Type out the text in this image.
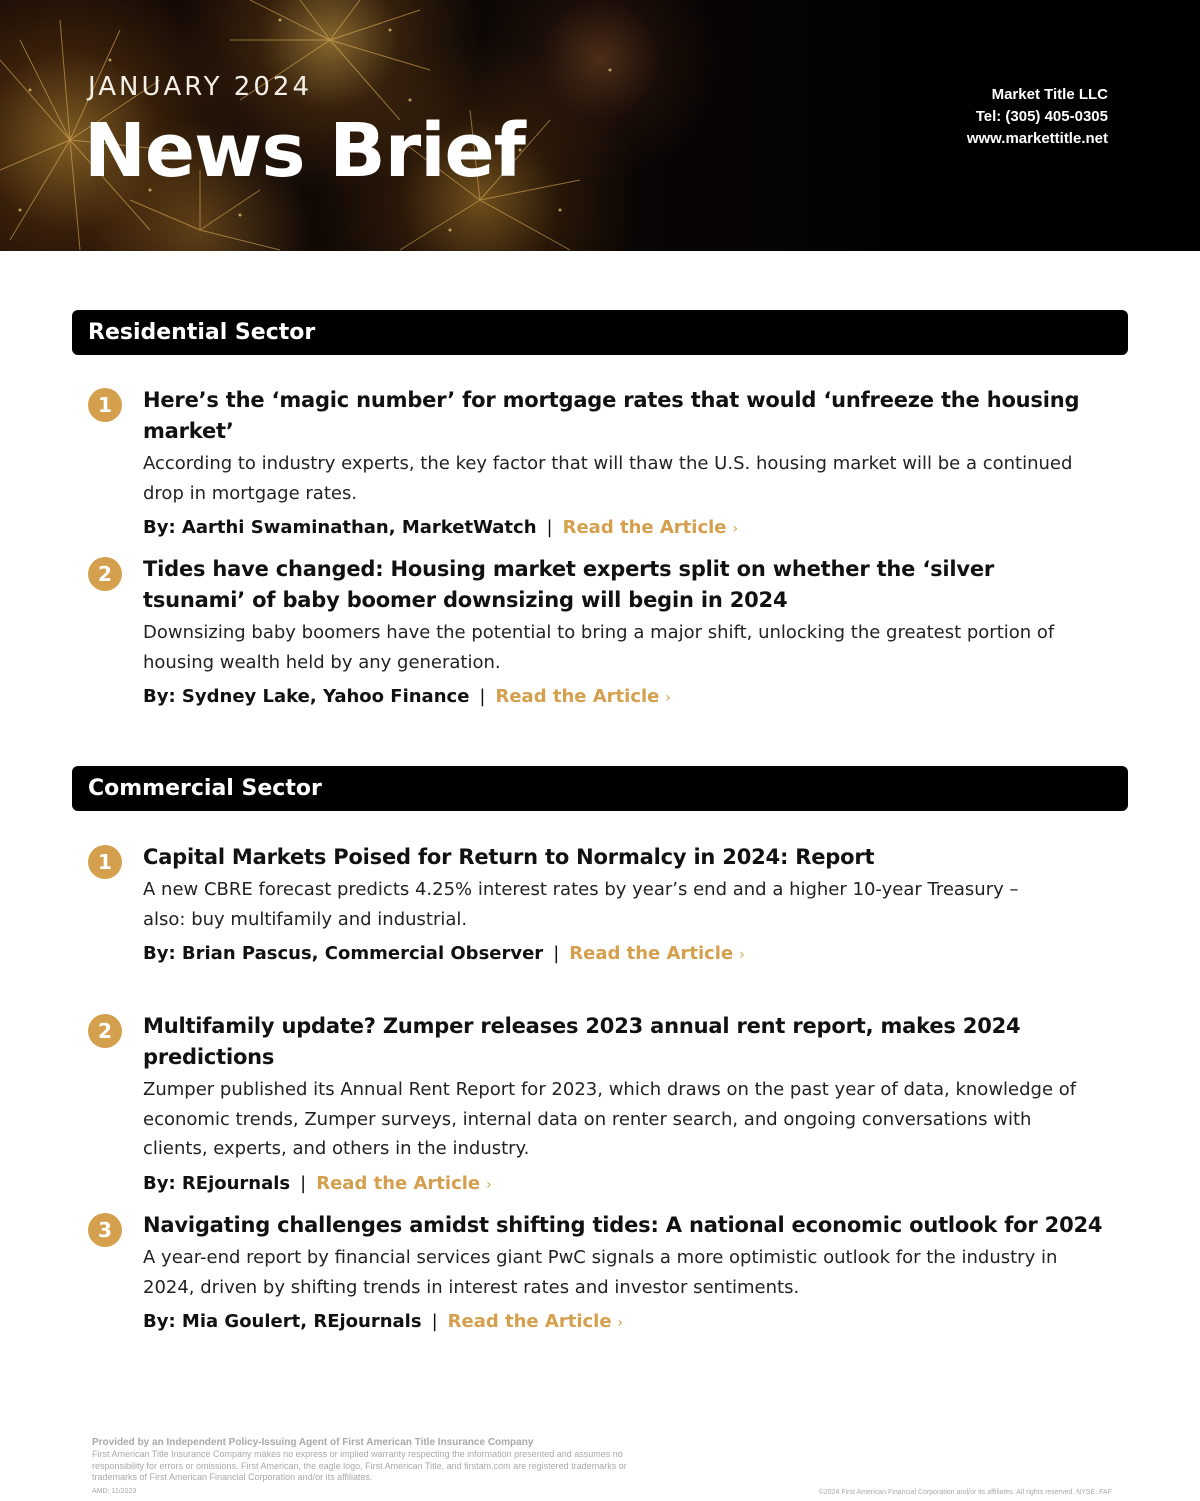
JANUARY 2024
News Brief
Market Title LLC
Tel: (305) 405-0305
www.markettitle.net
Residential Sector
1	Here’s the ‘magic number’ for mortgage rates that would ‘unfreeze the housing market’
According to industry experts, the key factor that will thaw the U.S. housing market will be a continued drop in mortgage rates.
By: Aarthi Swaminathan, MarketWatch | Read the Article ›
2	Tides have changed: Housing market experts split on whether the ‘silver tsunami’ of baby boomer downsizing will begin in 2024
Downsizing baby boomers have the potential to bring a major shift, unlocking the greatest portion of housing wealth held by any generation.
By: Sydney Lake, Yahoo Finance | Read the Article ›
Commercial Sector
1	Capital Markets Poised for Return to Normalcy in 2024: Report
A new CBRE forecast predicts 4.25% interest rates by year’s end and a higher 10-year Treasury – also: buy multifamily and industrial.
By: Brian Pascus, Commercial Observer | Read the Article ›
2	Multifamily update? Zumper releases 2023 annual rent report, makes 2024 predictions
Zumper published its Annual Rent Report for 2023, which draws on the past year of data, knowledge of economic trends, Zumper surveys, internal data on renter search, and ongoing conversations with clients, experts, and others in the industry.
By: REjournals | Read the Article ›
3	Navigating challenges amidst shifting tides: A national economic outlook for 2024
A year-end report by financial services giant PwC signals a more optimistic outlook for the industry in 2024, driven by shifting trends in interest rates and investor sentiments.
By: Mia Goulert, REjournals | Read the Article ›
Provided by an Independent Policy-Issuing Agent of First American Title Insurance Company
First American Title Insurance Company makes no express or implied warranty respecting the information presented and assumes no responsibility for errors or omissions. First American, the eagle logo, First American Title, and firstam.com are registered trademarks or trademarks of First American Financial Corporation and/or its affiliates.
AMD: 11/2023	©2024 First American Financial Corporation and/or its affiliates. All rights reserved. NYSE: FAF
